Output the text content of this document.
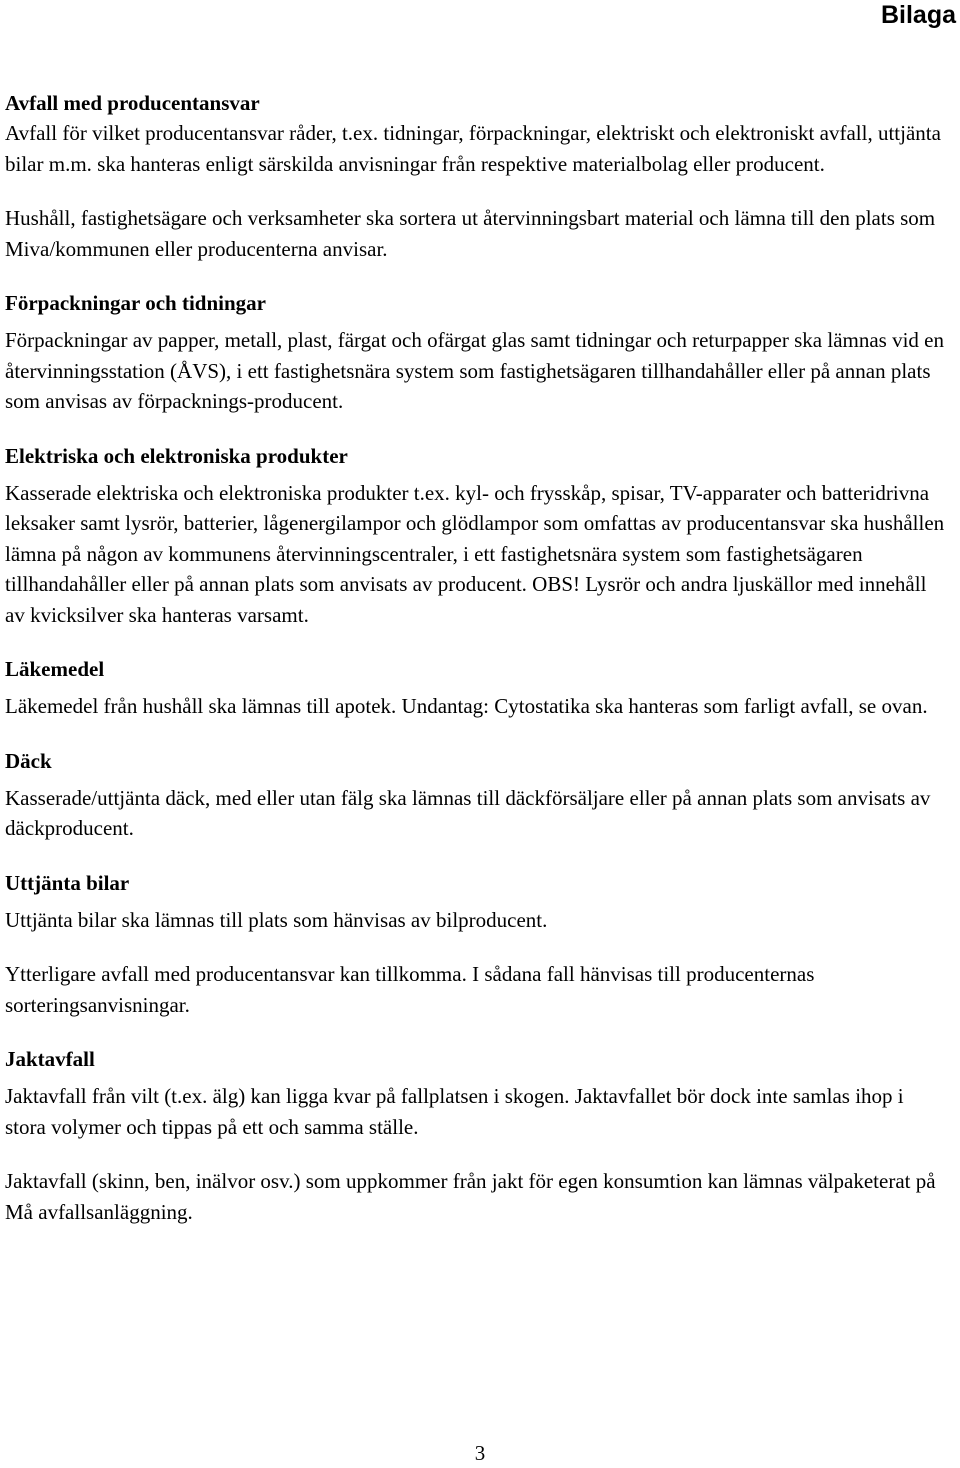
Bilaga
Avfall med producentansvar

Avfall för vilket producentansvar råder, t.ex. tidningar, förpackningar, elektriskt och elektroniskt avfall, uttjänta bilar m.m. ska hanteras enligt särskilda anvisningar från respektive materialbolag eller producent.

Hushåll, fastighetsägare och verksamheter ska sortera ut återvinningsbart material och lämna till den plats som Miva/kommunen eller producenterna anvisar.

Förpackningar och tidningar

Förpackningar av papper, metall, plast, färgat och ofärgat glas samt tidningar och returpapper ska lämnas vid en återvinningsstation (ÅVS), i ett fastighetsnära system som fastighetsägaren tillhandahåller eller på annan plats som anvisas av förpacknings-producent.

Elektriska och elektroniska produkter

Kasserade elektriska och elektroniska produkter t.ex. kyl- och frysskåp, spisar, TV-apparater och batteridrivna leksaker samt lysrör, batterier, lågenergilampor och glödlampor som omfattas av producentansvar ska hushållen lämna på någon av kommunens återvinningscentraler, i ett fastighetsnära system som fastighetsägaren tillhandahåller eller på annan plats som anvisats av producent. OBS! Lysrör och andra ljuskällor med innehåll av kvicksilver ska hanteras varsamt.

Läkemedel

Läkemedel från hushåll ska lämnas till apotek. Undantag: Cytostatika ska hanteras som farligt avfall, se ovan.

Däck

Kasserade/uttjänta däck, med eller utan fälg ska lämnas till däckförsäljare eller på annan plats som anvisats av däckproducent.

Uttjänta bilar

Uttjänta bilar ska lämnas till plats som hänvisas av bilproducent.

Ytterligare avfall med producentansvar kan tillkomma. I sådana fall hänvisas till producenternas sorteringsanvisningar.

Jaktavfall

Jaktavfall från vilt (t.ex. älg) kan ligga kvar på fallplatsen i skogen. Jaktavfallet bör dock inte samlas ihop i stora volymer och tippas på ett och samma ställe.

Jaktavfall (skinn, ben, inälvor osv.) som uppkommer från jakt för egen konsumtion kan lämnas välpaketerat på Må avfallsanläggning.

3
